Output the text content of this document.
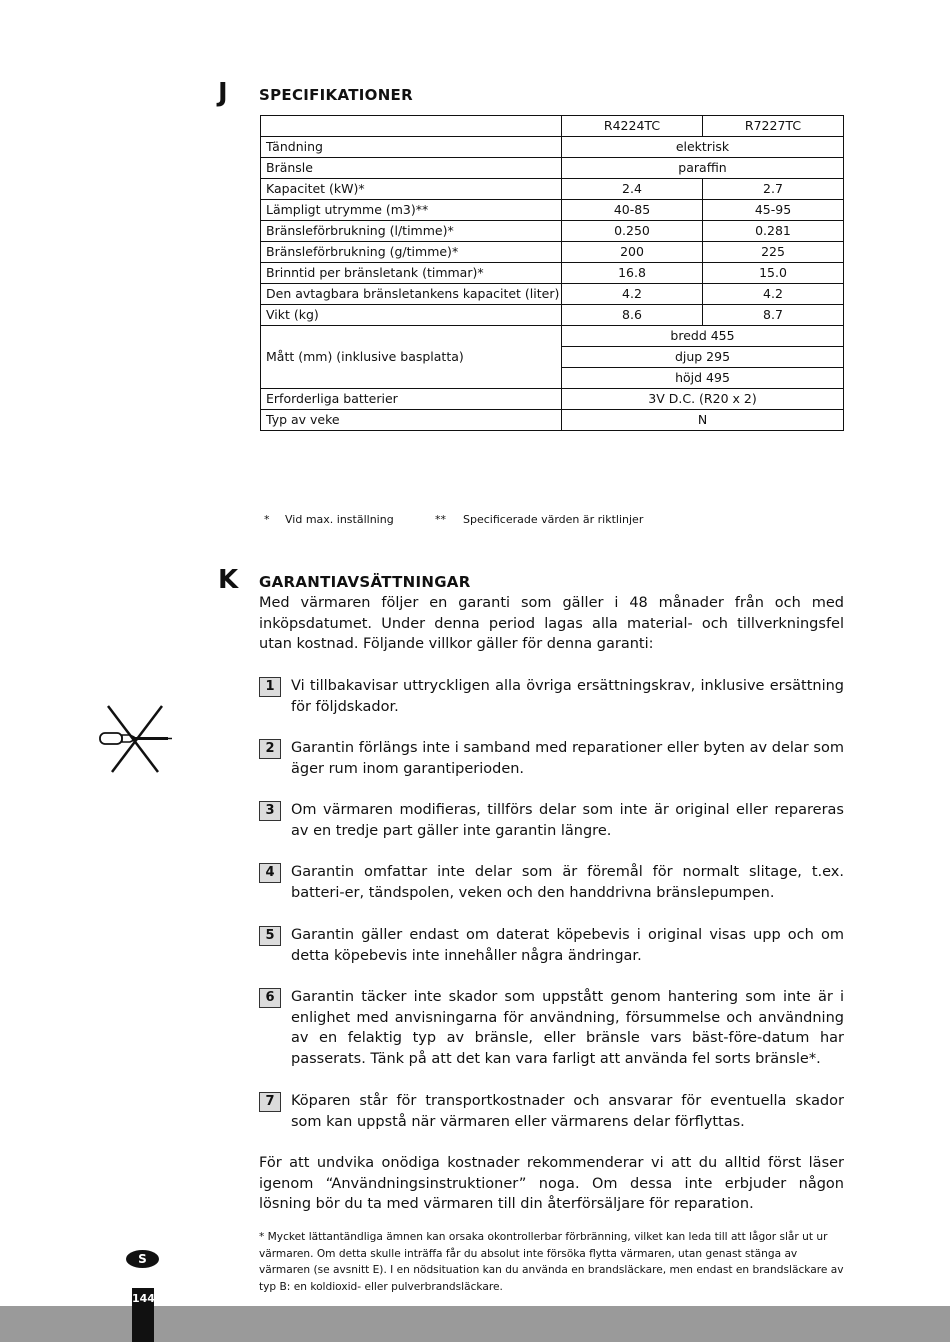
J SPECIFIKATIONER
	R4224TC	R7227TC
Tändning	elektrisk	
Bränsle	paraffin	
Kapacitet (kW)*	2.4	2.7
Lämpligt utrymme (m3)**	40-85	45-95
Bränsleförbrukning (l/timme)*	0.250	0.281
Bränsleförbrukning (g/timme)*	200	225
Brinntid per bränsletank (timmar)*	16.8	15.0
Den avtagbara bränsletankens kapacitet (liter)	4.2	4.2
Vikt (kg)	8.6	8.7
Mått (mm) (inklusive basplatta)	bredd 455	
	djup 295	
	höjd 495	
Erforderliga batterier	3V D.C. (R20 x 2)	
Typ av veke	N	
* Vid max. inställning	** Specificerade värden är riktlinjer
K GARANTIAVSÄTTNINGAR
Med värmaren följer en garanti som gäller i 48 månader från och med inköpsdatumet. Under denna period lagas alla material- och tillverkningsfel utan kostnad. Följande villkor gäller för denna garanti:
1	Vi tillbakavisar uttryckligen alla övriga ersättningskrav, inklusive ersättning för följdskador.
2	Garantin förlängs inte i samband med reparationer eller byten av delar som äger rum inom garantiperioden.
3	Om värmaren modifieras, tillförs delar som inte är original eller repareras av en tredje part gäller inte garantin längre.
4	Garantin omfattar inte delar som är föremål för normalt slitage, t.ex. batteri-er, tändspolen, veken och den handdrivna bränslepumpen.
5	Garantin gäller endast om daterat köpebevis i original visas upp och om detta köpebevis inte innehåller några ändringar.
6	Garantin täcker inte skador som uppstått genom hantering som inte är i enlighet med anvisningarna för användning, försummelse och användning av en felaktig typ av bränsle, eller bränsle vars bäst-före-datum har passerats. Tänk på att det kan vara farligt att använda fel sorts bränsle*.
7	Köparen står för transportkostnader och ansvarar för eventuella skador som kan uppstå när värmaren eller värmarens delar förflyttas.
För att undvika onödiga kostnader rekommenderar vi att du alltid först läser igenom “Användningsinstruktioner” noga. Om dessa inte erbjuder någon lösning bör du ta med värmaren till din återförsäljare för reparation.
* Mycket lättantändliga ämnen kan orsaka okontrollerbar förbränning, vilket kan leda till att lågor slår ut ur värmaren. Om detta skulle inträffa får du absolut inte försöka flytta värmaren, utan genast stänga av värmaren (se avsnitt E). I en nödsituation kan du använda en brandsläckare, men endast en brandsläckare av typ B: en koldioxid- eller pulverbrandsläckare.
S
144
